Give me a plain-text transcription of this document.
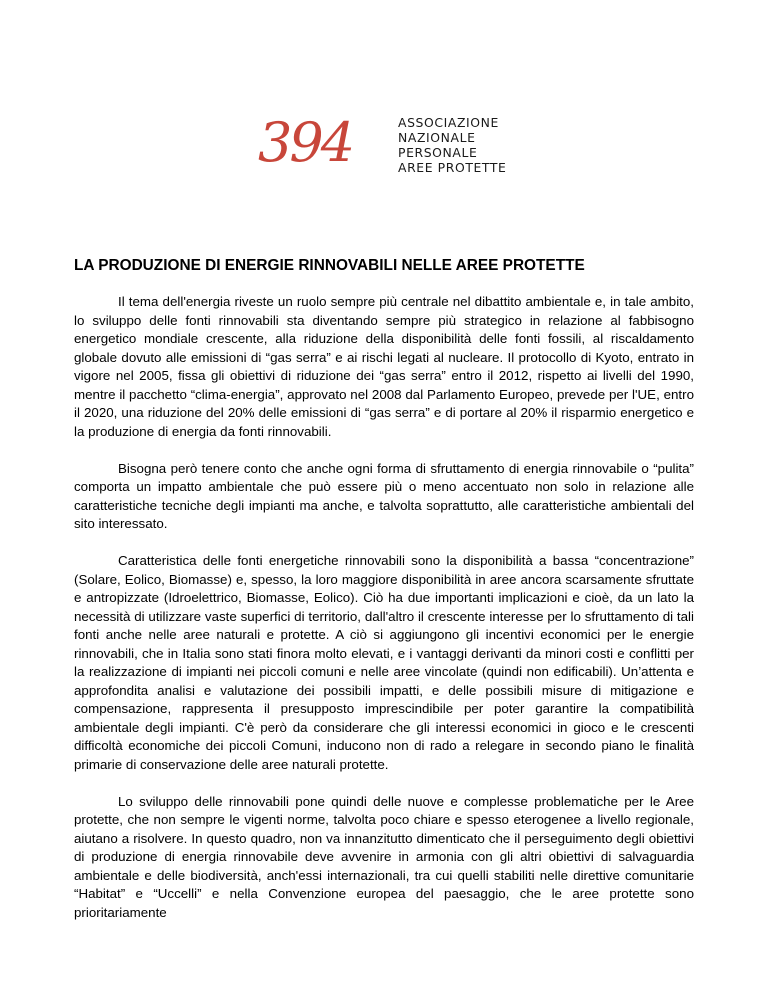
394	ASSOCIAZIONE
NAZIONALE
PERSONALE
AREE PROTETTE
LA PRODUZIONE DI ENERGIE RINNOVABILI NELLE AREE PROTETTE

Il tema dell'energia riveste un ruolo sempre più centrale nel dibattito ambientale e, in tale ambito, lo sviluppo delle fonti rinnovabili sta diventando sempre più strategico in relazione al fabbisogno energetico mondiale crescente, alla riduzione della disponibilità delle fonti fossili, al riscaldamento globale dovuto alle emissioni di “gas serra” e ai rischi legati al nucleare. Il protocollo di Kyoto, entrato in vigore nel 2005, fissa gli obiettivi di riduzione dei “gas serra” entro il 2012, rispetto ai livelli del 1990, mentre il pacchetto “clima-energia”, approvato nel 2008 dal Parlamento Europeo, prevede per l'UE, entro il 2020, una riduzione del 20% delle emissioni di “gas serra” e di portare al 20% il risparmio energetico e la produzione di energia da fonti rinnovabili.

Bisogna però tenere conto che anche ogni forma di sfruttamento di energia rinnovabile o “pulita” comporta un impatto ambientale che può essere più o meno accentuato non solo in relazione alle caratteristiche tecniche degli impianti ma anche, e talvolta soprattutto, alle caratteristiche ambientali del sito interessato.

Caratteristica delle fonti energetiche rinnovabili sono la disponibilità a bassa “concentrazione” (Solare, Eolico, Biomasse) e, spesso, la loro maggiore disponibilità in aree ancora scarsamente sfruttate e antropizzate (Idroelettrico, Biomasse, Eolico). Ciò ha due importanti implicazioni e cioè, da un lato la necessità di utilizzare vaste superfici di territorio, dall'altro il crescente interesse per lo sfruttamento di tali fonti anche nelle aree naturali e protette. A ciò si aggiungono gli incentivi economici per le energie rinnovabili, che in Italia sono stati finora molto elevati, e i vantaggi derivanti da minori costi e conflitti per la realizzazione di impianti nei piccoli comuni e nelle aree vincolate (quindi non edificabili). Un’attenta e approfondita analisi e valutazione dei possibili impatti, e delle possibili misure di mitigazione e compensazione, rappresenta il presupposto imprescindibile per poter garantire la compatibilità ambientale degli impianti. C'è però da considerare che gli interessi economici in gioco e le crescenti difficoltà economiche dei piccoli Comuni, inducono non di rado a relegare in secondo piano le finalità primarie di conservazione delle aree naturali protette.

Lo sviluppo delle rinnovabili pone quindi delle nuove e complesse problematiche per le Aree protette, che non sempre le vigenti norme, talvolta poco chiare e spesso eterogenee a livello regionale, aiutano a risolvere. In questo quadro, non va innanzitutto dimenticato che il perseguimento degli obiettivi di produzione di energia rinnovabile deve avvenire in armonia con gli altri obiettivi di salvaguardia ambientale e delle biodiversità, anch'essi internazionali, tra cui quelli stabiliti nelle direttive comunitarie “Habitat” e “Uccelli” e nella Convenzione europea del paesaggio, che le aree protette sono prioritariamente
